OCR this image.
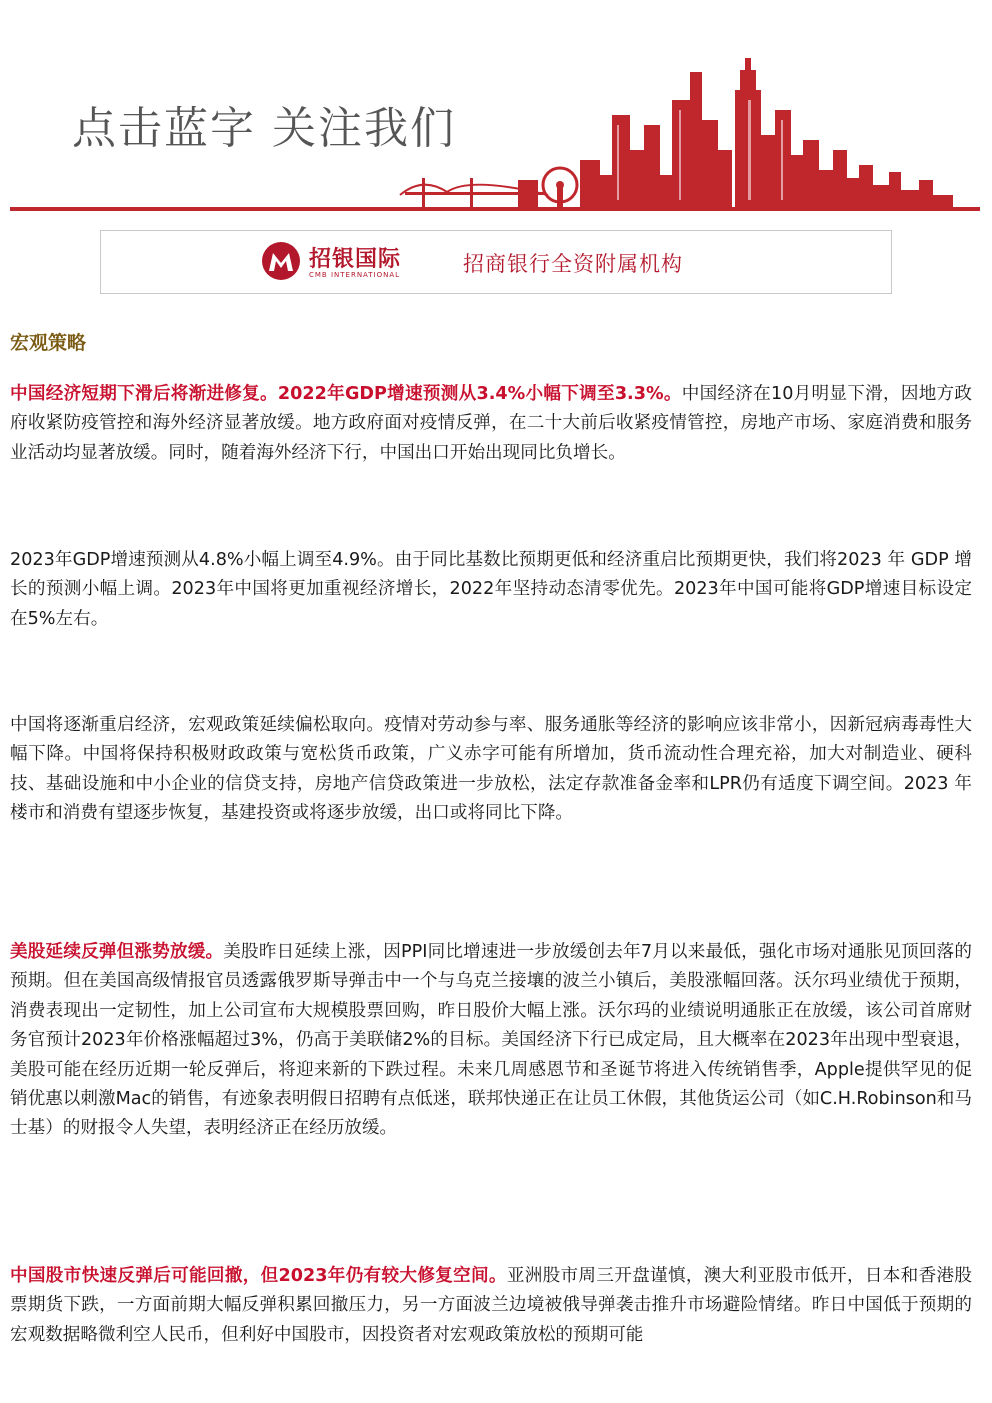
点击蓝字 关注我们
招银国际
CMB INTERNATIONAL	招商银行全资附属机构
宏观策略

中国经济短期下滑后将渐进修复。2022年GDP增速预测从3.4%小幅下调至3.3%。中国经济在10月明显下滑，因地方政府收紧防疫管控和海外经济显著放缓。地方政府面对疫情反弹，在二十大前后收紧疫情管控，房地产市场、家庭消费和服务业活动均显著放缓。同时，随着海外经济下行，中国出口开始出现同比负增长。

2023年GDP增速预测从4.8%小幅上调至4.9%。由于同比基数比预期更低和经济重启比预期更快，我们将2023 年 GDP 增长的预测小幅上调。2023年中国将更加重视经济增长，2022年坚持动态清零优先。2023年中国可能将GDP增速目标设定在5%左右。

中国将逐渐重启经济，宏观政策延续偏松取向。疫情对劳动参与率、服务通胀等经济的影响应该非常小，因新冠病毒毒性大幅下降。中国将保持积极财政政策与宽松货币政策，广义赤字可能有所增加，货币流动性合理充裕，加大对制造业、硬科技、基础设施和中小企业的信贷支持，房地产信贷政策进一步放松，法定存款准备金率和LPR仍有适度下调空间。2023 年楼市和消费有望逐步恢复，基建投资或将逐步放缓，出口或将同比下降。

美股延续反弹但涨势放缓。美股昨日延续上涨，因PPI同比增速进一步放缓创去年7月以来最低，强化市场对通胀见顶回落的预期。但在美国高级情报官员透露俄罗斯导弹击中一个与乌克兰接壤的波兰小镇后，美股涨幅回落。沃尔玛业绩优于预期，消费表现出一定韧性，加上公司宣布大规模股票回购，昨日股价大幅上涨。沃尔玛的业绩说明通胀正在放缓，该公司首席财务官预计2023年价格涨幅超过3%，仍高于美联储2%的目标。美国经济下行已成定局，且大概率在2023年出现中型衰退，美股可能在经历近期一轮反弹后，将迎来新的下跌过程。未来几周感恩节和圣诞节将进入传统销售季，Apple提供罕见的促销优惠以刺激Mac的销售，有迹象表明假日招聘有点低迷，联邦快递正在让员工休假，其他货运公司（如C.H.Robinson和马士基）的财报令人失望，表明经济正在经历放缓。

中国股市快速反弹后可能回撤，但2023年仍有较大修复空间。亚洲股市周三开盘谨慎，澳大利亚股市低开，日本和香港股票期货下跌，一方面前期大幅反弹积累回撤压力，另一方面波兰边境被俄导弹袭击推升市场避险情绪。昨日中国低于预期的宏观数据略微利空人民币，但利好中国股市，因投资者对宏观政策放松的预期可能
